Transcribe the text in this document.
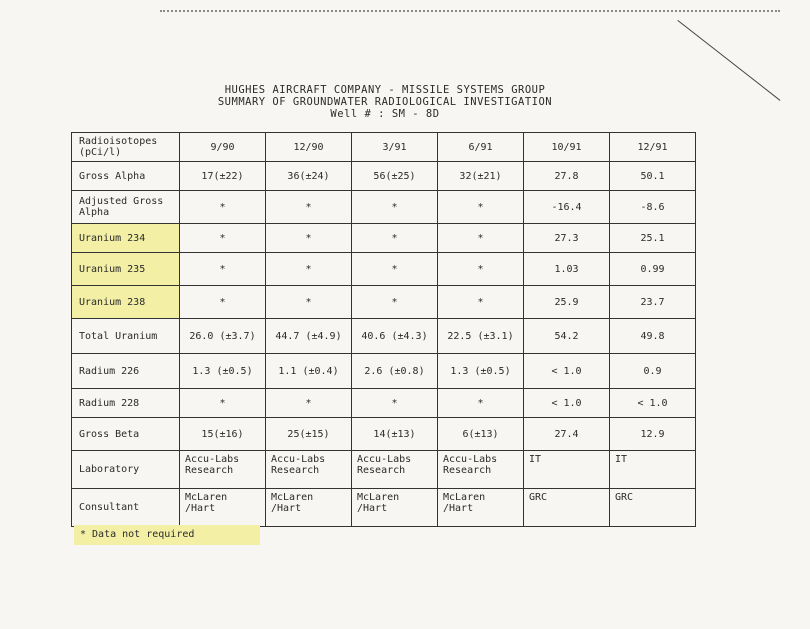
HUGHES AIRCRAFT COMPANY - MISSILE SYSTEMS GROUP
SUMMARY OF GROUNDWATER RADIOLOGICAL INVESTIGATION
Well # : SM - 8D
Radioisotopes (pCi/l)	9/90	12/90	3/91	6/91	10/91	12/91
Gross Alpha	17(±22)	36(±24)	56(±25)	32(±21)	27.8	50.1
Adjusted Gross Alpha	*	*	*	*	-16.4	-8.6
Uranium 234	*	*	*	*	27.3	25.1
Uranium 235	*	*	*	*	1.03	0.99
Uranium 238	*	*	*	*	25.9	23.7
Total Uranium	26.0 (±3.7)	44.7 (±4.9)	40.6 (±4.3)	22.5 (±3.1)	54.2	49.8
Radium 226	1.3 (±0.5)	1.1 (±0.4)	2.6 (±0.8)	1.3 (±0.5)	< 1.0	0.9
Radium 228	*	*	*	*	< 1.0	< 1.0
Gross Beta	15(±16)	25(±15)	14(±13)	6(±13)	27.4	12.9
Laboratory	Accu-Labs Research	Accu-Labs Research	Accu-Labs Research	Accu-Labs Research	IT	IT
Consultant	McLaren /Hart	McLaren /Hart	McLaren /Hart	McLaren /Hart	GRC	GRC
* Data not required
